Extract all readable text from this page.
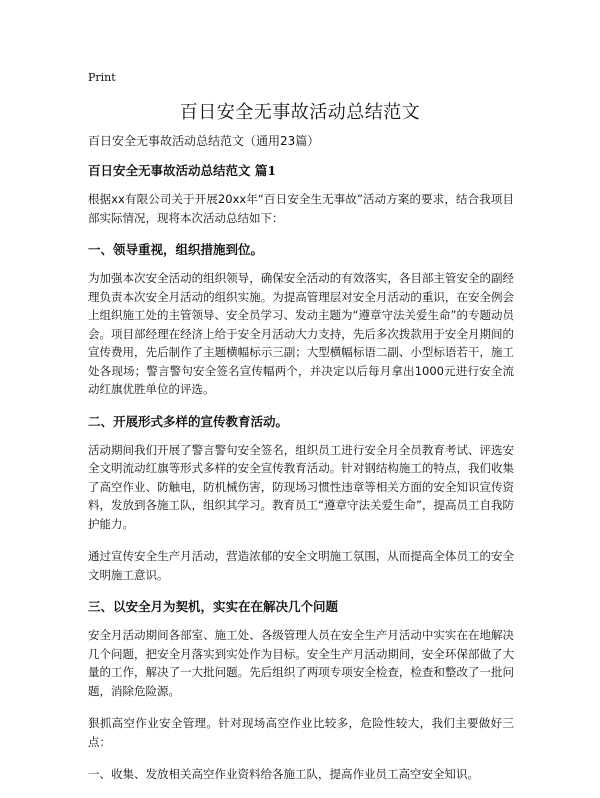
Print
百日安全无事故活动总结范文

百日安全无事故活动总结范文（通用23篇）

百日安全无事故活动总结范文 篇1

根据xx有限公司关于开展20xx年“百日安全生无事故”活动方案的要求，结合我项目部实际情况，现将本次活动总结如下：

一、领导重视，组织措施到位。

为加强本次安全活动的组织领导，确保安全活动的有效落实，各目部主管安全的副经理负责本次安全月活动的组织实施。为提高管理层对安全月活动的重识，在安全例会上组织施工处的主管领导、安全员学习、发动主题为“遵章守法关爱生命”的专题动员会。项目部经理在经济上给于安全月活动大力支持，先后多次拨款用于安全月期间的宣传费用，先后制作了主题横幅标示三副；大型横幅标语二副、小型标语若干，施工处各现场；警言警句安全签名宣传幅两个，并决定以后每月拿出1000元进行安全流动红旗优胜单位的评选。

二、开展形式多样的宣传教育活动。

活动期间我们开展了警言警句安全签名，组织员工进行安全月全员教育考试、评选安全文明流动红旗等形式多样的安全宣传教育活动。针对钢结构施工的特点，我们收集了高空作业、防触电，防机械伤害，防现场习惯性违章等相关方面的安全知识宣传资料，发放到各施工队，组织其学习。教育员工“遵章守法关爱生命”，提高员工自我防护能力。

通过宣传安全生产月活动，营造浓郁的安全文明施工氛围，从而提高全体员工的安全文明施工意识。

三、以安全月为契机，实实在在解决几个问题

安全月活动期间各部室、施工处、各级管理人员在安全生产月活动中实实在在地解决几个问题，把安全月落实到实处作为目标。安全生产月活动期间，安全环保部做了大量的工作，解决了一大批问题。先后组织了两项专项安全检查，检查和整改了一批问题，消除危险源。

狠抓高空作业安全管理。针对现场高空作业比较多，危险性较大，我们主要做好三点：

一、收集、发放相关高空作业资料给各施工队，提高作业员工高空安全知识。
